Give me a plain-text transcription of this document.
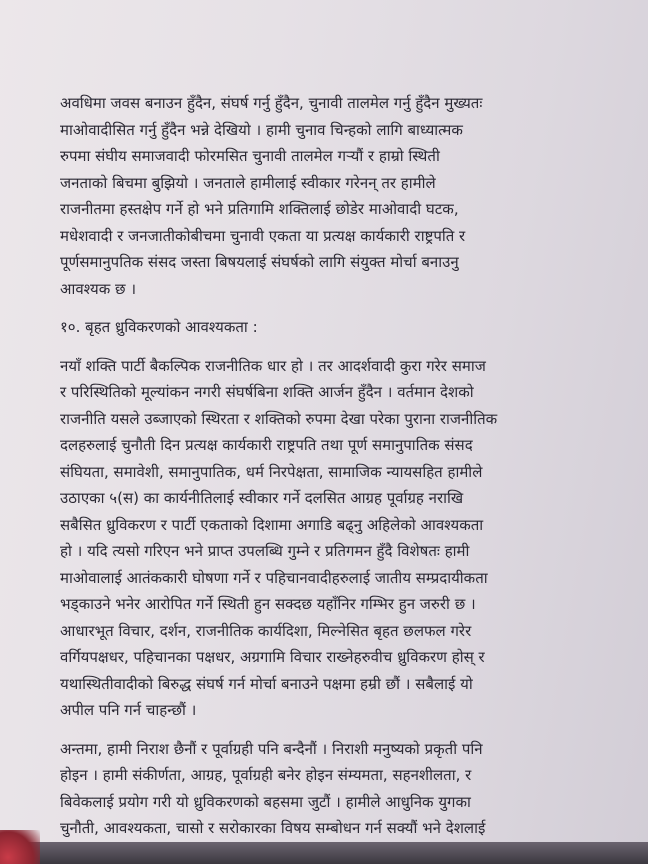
अवधिमा जवस बनाउन हुँदैन, संघर्ष गर्नु हुँदैन, चुनावी तालमेल गर्नु हुँदैन मुख्यतः
माओवादीसित गर्नु हुँदैन भन्ने देखियो । हामी चुनाव चिन्हको लागि बाध्यात्मक
रुपमा संघीय समाजवादी फोरमसित चुनावी तालमेल गर्‍यौं र हाम्रो स्थिती
जनताको बिचमा बुझियो । जनताले हामीलाई स्वीकार गरेनन् तर हामीले
राजनीतमा हस्तक्षेप गर्ने हो भने प्रतिगामि शक्तिलाई छोडेर माओवादी घटक,
मधेशवादी र जनजातीकोबीचमा चुनावी एकता या प्रत्यक्ष कार्यकारी राष्ट्रपति र
पूर्णसमानुपतिक संसद जस्ता बिषयलाई संघर्षको लागि संयुक्त मोर्चा बनाउनु
आवश्यक छ ।
१०. बृहत ध्रुविकरणको आवश्यकता :
नयाँ शक्ति पार्टी बैकल्पिक राजनीतिक धार हो । तर आदर्शवादी कुरा गरेर समाज
र परिस्थितिको मूल्यांकन नगरी संघर्षबिना शक्ति आर्जन हुँदैन । वर्तमान देशको
राजनीति यसले उब्जाएको स्थिरता र शक्तिको रुपमा देखा परेका पुराना राजनीतिक
दलहरुलाई चुनौती दिन प्रत्यक्ष कार्यकारी राष्ट्रपति तथा पूर्ण समानुपातिक संसद
संघियता, समावेशी, समानुपातिक, धर्म निरपेक्षता, सामाजिक न्यायसहित हामीले
उठाएका ५(स) का कार्यनीतिलाई स्वीकार गर्ने दलसित आग्रह पूर्वाग्रह नराखि
सबैसित ध्रुविकरण र पार्टी एकताको दिशामा अगाडि बढ्नु अहिलेको आवश्यकता
हो । यदि त्यसो गरिएन भने प्राप्त उपलब्धि गुम्ने र प्रतिगमन हुँदै विशेषतः हामी
माओवालाई आतंककारी घोषणा गर्ने र पहिचानवादीहरुलाई जातीय सम्प्रदायीकता
भड्काउने भनेर आरोपित गर्ने स्थिती हुन सक्दछ यहाँनिर गम्भिर हुन जरुरी छ ।
आधारभूत विचार, दर्शन, राजनीतिक कार्यदिशा, मिल्नेसित बृहत छलफल गरेर
वर्गियपक्षधर, पहिचानका पक्षधर, अग्रगामि विचार राख्नेहरुवीच ध्रुविकरण होस् र
यथास्थितीवादीको बिरुद्ध संघर्ष गर्न मोर्चा बनाउने पक्षमा हम्री छौं । सबैलाई यो
अपील पनि गर्न चाहन्छौं ।
अन्तमा, हामी निराश छैनौं र पूर्वाग्रही पनि बन्दैनौं । निराशी मनुष्यको प्रकृती पनि
होइन । हामी संकीर्णता, आग्रह, पूर्वाग्रही बनेर होइन संम्यमता, सहनशीलता, र
बिवेकलाई प्रयोग गरी यो ध्रुविकरणको बहसमा जुटौं । हामीले आधुनिक युगका
चुनौती, आवश्यकता, चासो र सरोकारका विषय सम्बोधन गर्न सक्यौं भने देशलाई
